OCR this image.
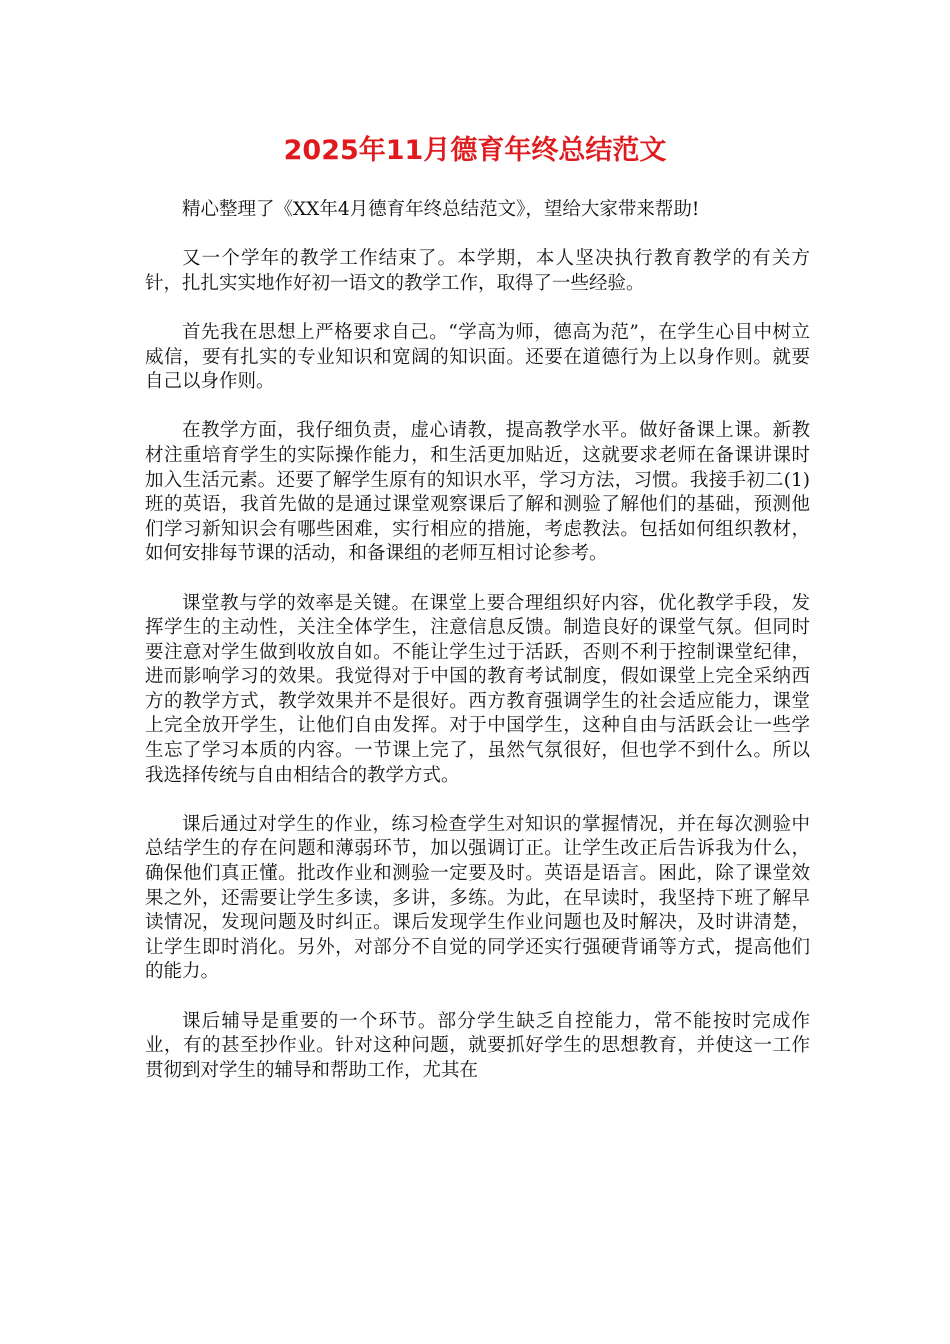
2025年11月德育年终总结范文

精心整理了《XX年4月德育年终总结范文》，望给大家带来帮助!

又一个学年的教学工作结束了。本学期，本人坚决执行教育教学的有关方针，扎扎实实地作好初一语文的教学工作，取得了一些经验。

首先我在思想上严格要求自己。“学高为师，德高为范”，在学生心目中树立威信，要有扎实的专业知识和宽阔的知识面。还要在道德行为上以身作则。就要自己以身作则。

在教学方面，我仔细负责，虚心请教，提高教学水平。做好备课上课。新教材注重培育学生的实际操作能力，和生活更加贴近，这就要求老师在备课讲课时加入生活元素。还要了解学生原有的知识水平，学习方法，习惯。我接手初二(1)班的英语，我首先做的是通过课堂观察课后了解和测验了解他们的基础，预测他们学习新知识会有哪些困难，实行相应的措施，考虑教法。包括如何组织教材，如何安排每节课的活动，和备课组的老师互相讨论参考。

课堂教与学的效率是关键。在课堂上要合理组织好内容，优化教学手段，发挥学生的主动性，关注全体学生，注意信息反馈。制造良好的课堂气氛。但同时要注意对学生做到收放自如。不能让学生过于活跃，否则不利于控制课堂纪律，进而影响学习的效果。我觉得对于中国的教育考试制度，假如课堂上完全采纳西方的教学方式，教学效果并不是很好。西方教育强调学生的社会适应能力，课堂上完全放开学生，让他们自由发挥。对于中国学生，这种自由与活跃会让一些学生忘了学习本质的内容。一节课上完了，虽然气氛很好，但也学不到什么。所以我选择传统与自由相结合的教学方式。

课后通过对学生的作业，练习检查学生对知识的掌握情况，并在每次测验中总结学生的存在问题和薄弱环节，加以强调订正。让学生改正后告诉我为什么，确保他们真正懂。批改作业和测验一定要及时。英语是语言。困此，除了课堂效果之外，还需要让学生多读，多讲，多练。为此，在早读时，我坚持下班了解早读情况，发现问题及时纠正。课后发现学生作业问题也及时解决，及时讲清楚，让学生即时消化。另外，对部分不自觉的同学还实行强硬背诵等方式，提高他们的能力。

课后辅导是重要的一个环节。部分学生缺乏自控能力，常不能按时完成作业，有的甚至抄作业。针对这种问题，就要抓好学生的思想教育，并使这一工作贯彻到对学生的辅导和帮助工作，尤其在
